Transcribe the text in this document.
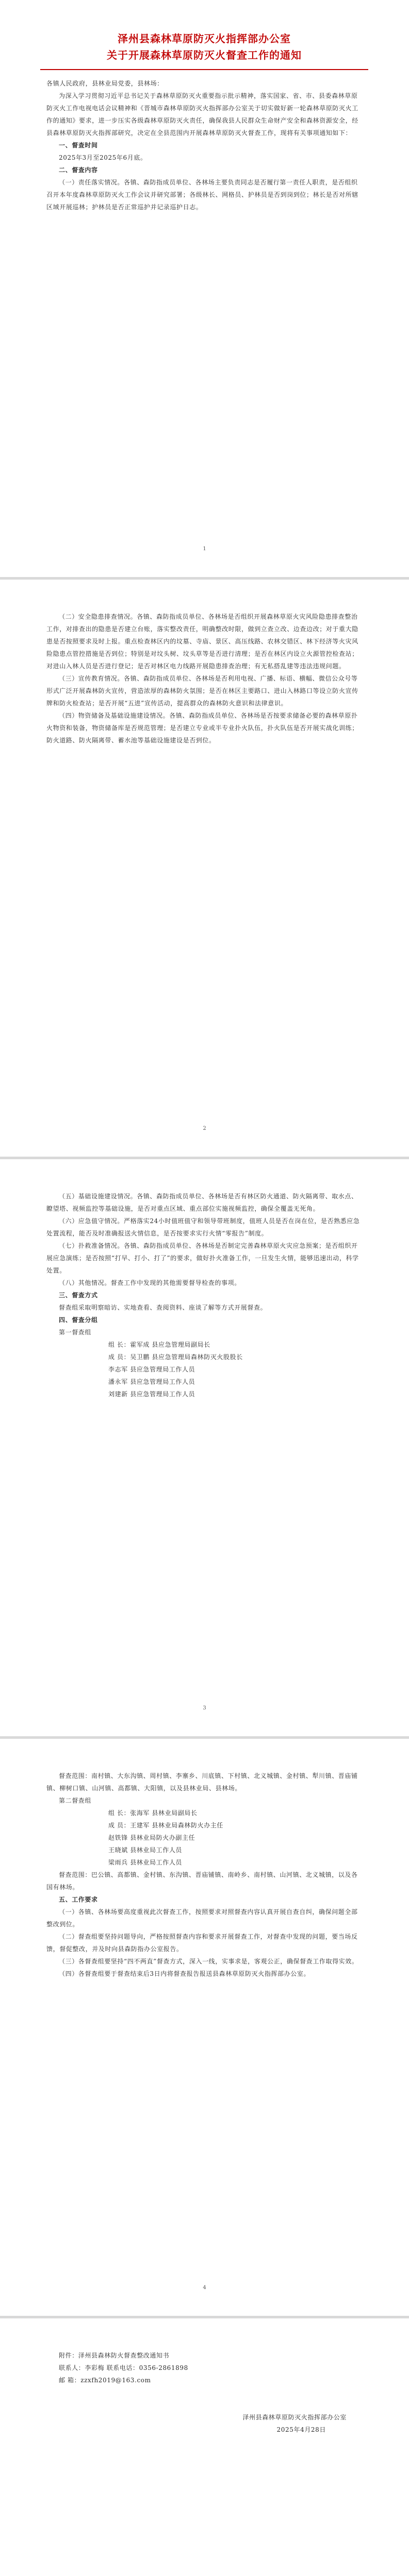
泽州县森林草原防灭火指挥部办公室
关于开展森林草原防灭火督查工作的通知

各镇人民政府，县林业局党委，县林场：

为深入学习贯彻习近平总书记关于森林草原防灭火重要指示批示精神，落实国家、省、市、县委森林草原防灭火工作电视电话会议精神和《晋城市森林草原防灭火指挥部办公室关于切实做好新一轮森林草原防灭火工作的通知》要求，进一步压实各级森林草原防灭火责任，确保我县人民群众生命财产安全和森林资源安全，经县森林草原防灭火指挥部研究，决定在全县范围内开展森林草原防灭火督查工作，现将有关事项通知如下：

一、督查时间

2025年3月至2025年6月底。

二、督查内容

（一）责任落实情况。各镇、森防指成员单位、各林场主要负责同志是否履行第一责任人职责，是否组织召开本年度森林草原防灭火工作会议并研究部署；各级林长、网格员、护林员是否到岗到位；林长是否对所辖区域开展巡林；护林员是否正常巡护并记录巡护日志。

1

（二）安全隐患排查情况。各镇、森防指成员单位、各林场是否组织开展森林草原火灾风险隐患排查整治工作，对排查出的隐患是否建立台账，落实整改责任，明确整改时限，做到立查立改、边查边改；对于重大隐患是否按照要求及时上报。重点检查林区内的坟墓、寺庙、景区、高压线路、农林交错区、林下经济等火灾风险隐患点管控措施是否到位；特别是对坟头树、坟头草等是否进行清理；是否在林区内设立火源管控检查站；对进山入林人员是否进行登记；是否对林区电力线路开展隐患排查治理；有无私搭乱建等违法违规问题。

（三）宣传教育情况。各镇、森防指成员单位、各林场是否利用电视、广播、标语、横幅、微信公众号等形式广泛开展森林防火宣传，营造浓厚的森林防火氛围；是否在林区主要路口、进山入林路口等设立防火宣传牌和防火检查站；是否开展“五进”宣传活动，提高群众的森林防火意识和法律意识。

（四）物资储备及基础设施建设情况。各镇、森防指成员单位、各林场是否按要求储备必要的森林草原扑火物资和装备，物资储备库是否规范管理；是否建立专业或半专业扑火队伍，扑火队伍是否开展实战化训练；防火道路、防火隔离带、蓄水池等基础设施建设是否到位。

2

（五）基础设施建设情况。各镇、森防指成员单位、各林场是否有林区防火通道、防火隔离带、取水点、瞭望塔、视频监控等基础设施，是否对重点区域、重点部位实施视频监控，确保全覆盖无死角。

（六）应急值守情况。严格落实24小时值班值守和领导带班制度，值班人员是否在岗在位，是否熟悉应急处置流程，能否及时准确报送火情信息，是否按要求实行火情“零报告”制度。

（七）扑救准备情况。各镇、森防指成员单位、各林场是否制定完善森林草原火灾应急预案；是否组织开展应急演练；是否按照“打早、打小、打了”的要求，做好扑火准备工作，一旦发生火情，能够迅速出动，科学处置。

（八）其他情况。督查工作中发现的其他需要督导检查的事项。

三、督查方式

督查组采取明察暗访、实地查看、查阅资料、座谈了解等方式开展督查。

四、督查分组

第一督查组

组 长：霍军成 县应急管理局副局长

成 员：吴卫鹏 县应急管理局森林防灭火股股长

李志军 县应急管理局工作人员

潘永军 县应急管理局工作人员

刘建新 县应急管理局工作人员

3

督查范围：南村镇、大东沟镇、周村镇、李寨乡、川底镇、下村镇、北义城镇、金村镇、犁川镇、晋庙铺镇、柳树口镇、山河镇、高都镇、大阳镇，以及县林业局、县林场。

第二督查组

组 长：张海军 县林业局副局长

成 员：王建军 县林业局森林防火办主任

赵铁锋 县林业局防火办副主任

王晓斌 县林业局工作人员

梁雨兵 县林业局工作人员

督查范围：巴公镇、高都镇、金村镇、东沟镇、晋庙铺镇、南岭乡、南村镇、山河镇、北义城镇，以及各国有林场。

五、工作要求

（一）各镇、各林场要高度重视此次督查工作，按照要求对照督查内容认真开展自查自纠，确保问题全部整改到位。

（二）督查组要坚持问题导向，严格按照督查内容和要求开展督查工作，对督查中发现的问题，要当场反馈，督促整改，并及时向县森防指办公室报告。

（三）各督查组要坚持“四不两直”督查方式，深入一线，实事求是，客观公正，确保督查工作取得实效。

（四）各督查组要于督查结束后3日内将督查报告报送县森林草原防灭火指挥部办公室。

4

附件：泽州县森林防火督查整改通知书

联系人：李彩梅 联系电话：0356-2861898

邮 箱：zzxfh2019@163.com

泽州县森林草原防灭火指挥部办公室

2025年4月28日
